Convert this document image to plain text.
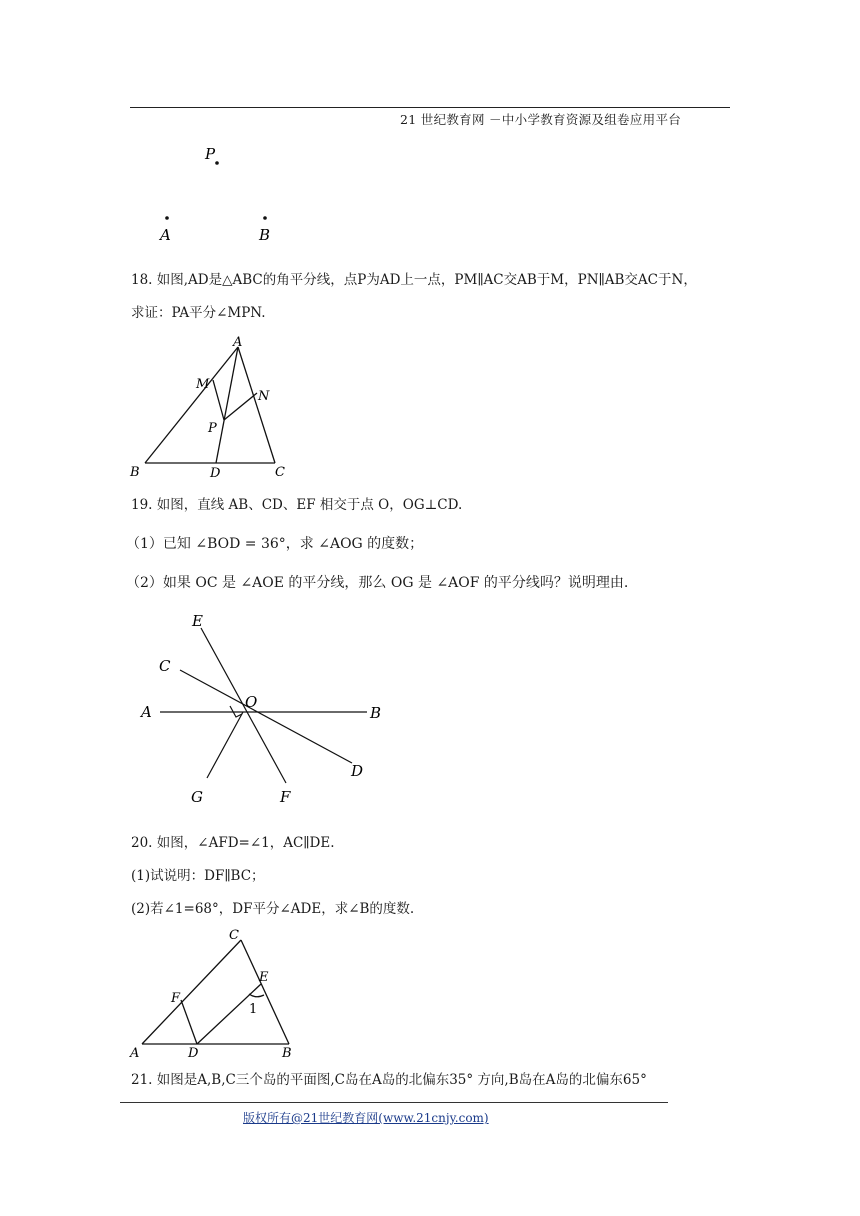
21 世纪教育网 －中小学教育资源及组卷应用平台
P
A	B
18. 如图,AD是△ABC的角平分线，点P为AD上一点，PM∥AC交AB于M，PN∥AB交AC于N，
求证：PA平分∠MPN.
A
M
N
P
B	D	C
19. 如图，直线 AB、CD、EF 相交于点 O，OG⊥CD.
（1）已知 ∠BOD = 36°，求 ∠AOG 的度数；
（2）如果 OC 是 ∠AOE 的平分线，那么 OG 是 ∠AOF 的平分线吗？说明理由.
E
C
A
O
B
D
G	F
20. 如图，∠AFD=∠1，AC∥DE.
(1)试说明：DF∥BC；
(2)若∠1=68°，DF平分∠ADE，求∠B的度数.
C
E
F
1
A	D	B
21. 如图是A,B,C三个岛的平面图,C岛在A岛的北偏东35° 方向,B岛在A岛的北偏东65°
版权所有@21世纪教育网(www.21cnjy.com)
